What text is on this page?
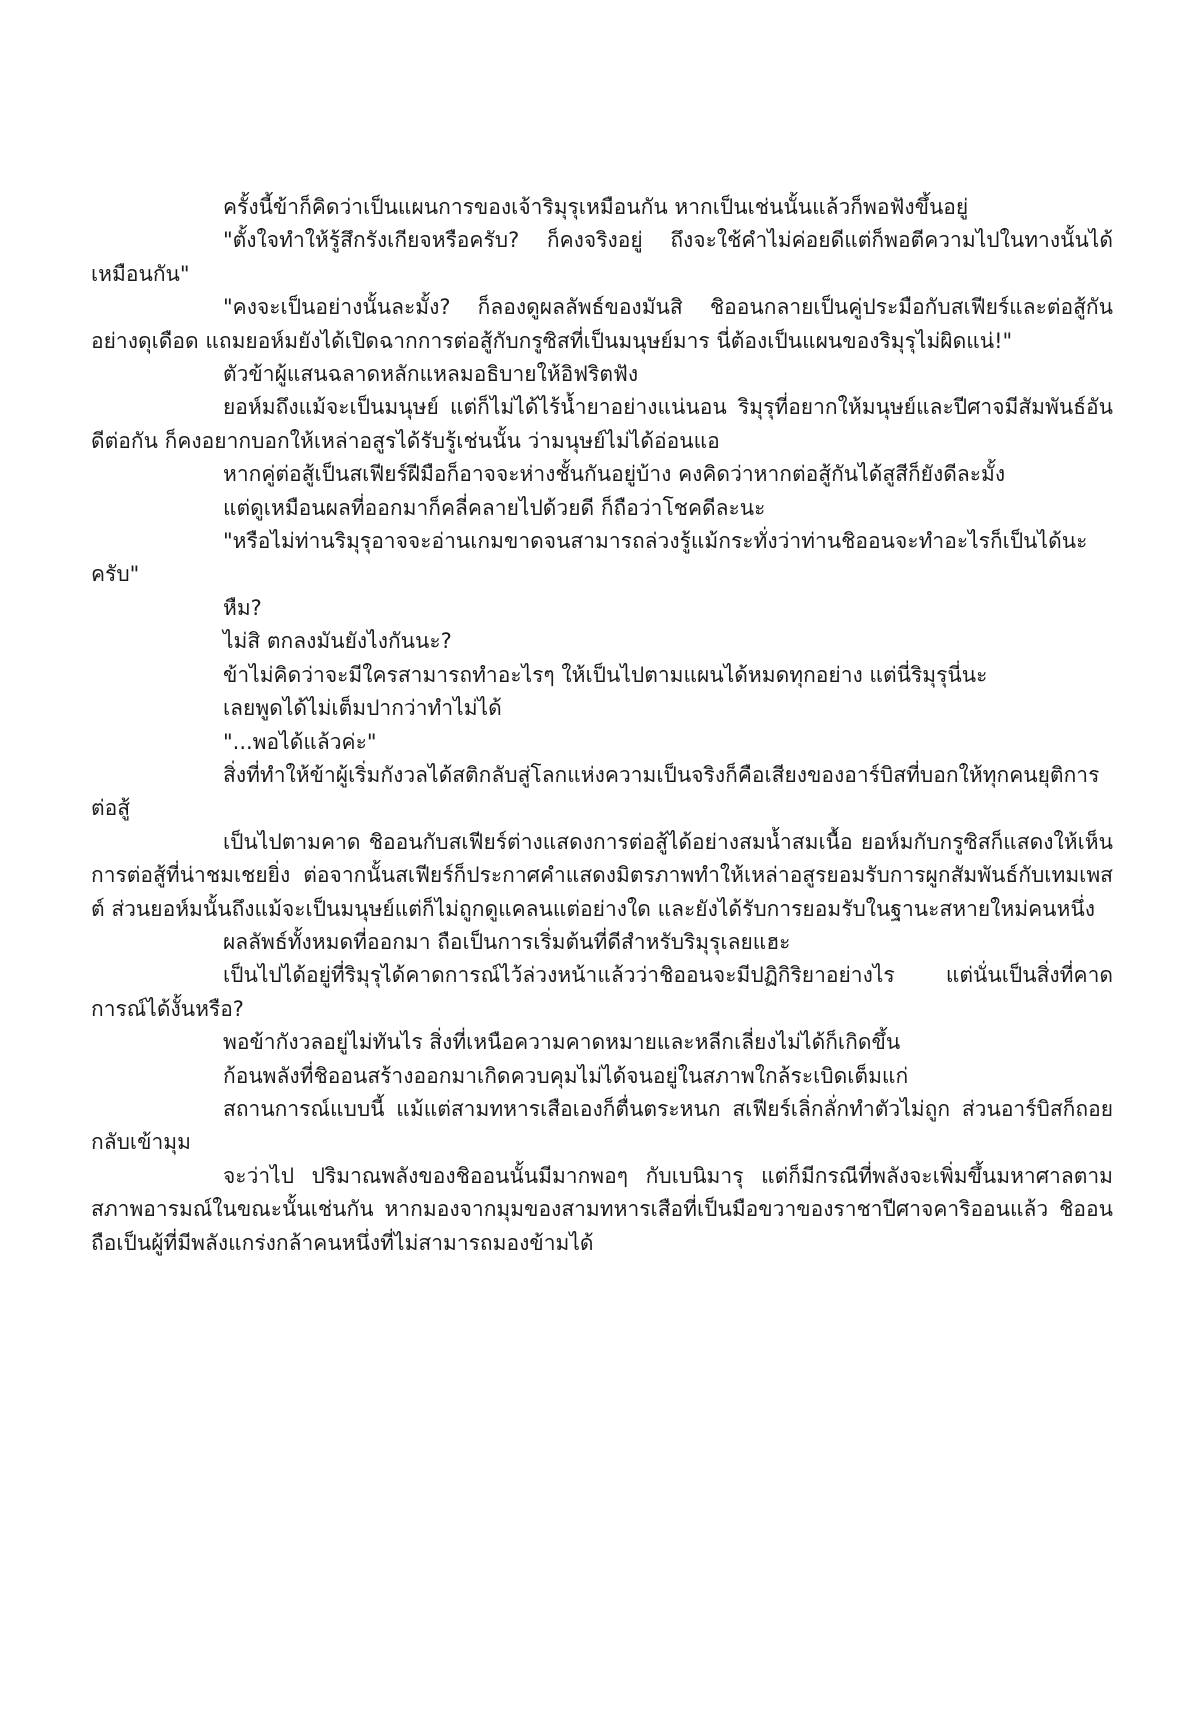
ครั้งนี้ข้าก็คิดว่าเป็นแผนการของเจ้าริมุรุเหมือนกัน หากเป็นเช่นนั้นแล้วก็พอฟังขึ้นอยู่

"ตั้งใจทำให้รู้สึกรังเกียจหรือครับ? ก็คงจริงอยู่ ถึงจะใช้คำไม่ค่อยดีแต่ก็พอตีความไปในทางนั้นได้เหมือนกัน"

"คงจะเป็นอย่างนั้นละมั้ง? ก็ลองดูผลลัพธ์ของมันสิ ชิออนกลายเป็นคู่ประมือกับสเฟียร์และต่อสู้กันอย่างดุเดือด แถมยอห์มยังได้เปิดฉากการต่อสู้กับกรูซิสที่เป็นมนุษย์มาร นี่ต้องเป็นแผนของริมุรุไม่ผิดแน่!"

ตัวข้าผู้แสนฉลาดหลักแหลมอธิบายให้อิฟริตฟัง

ยอห์มถึงแม้จะเป็นมนุษย์ แต่ก็ไม่ได้ไร้น้ำยาอย่างแน่นอน ริมุรุที่อยากให้มนุษย์และปีศาจมีสัมพันธ์อันดีต่อกัน ก็คงอยากบอกให้เหล่าอสูรได้รับรู้เช่นนั้น ว่ามนุษย์ไม่ได้อ่อนแอ

หากคู่ต่อสู้เป็นสเฟียร์ฝีมือก็อาจจะห่างชั้นกันอยู่บ้าง คงคิดว่าหากต่อสู้กันได้สูสีก็ยังดีละมั้ง

แต่ดูเหมือนผลที่ออกมาก็คลี่คลายไปด้วยดี ก็ถือว่าโชคดีละนะ

"หรือไม่ท่านริมุรุอาจจะอ่านเกมขาดจนสามารถล่วงรู้แม้กระทั่งว่าท่านชิออนจะทำอะไรก็เป็นได้นะครับ"

หืม?

ไม่สิ ตกลงมันยังไงกันนะ?

ข้าไม่คิดว่าจะมีใครสามารถทำอะไรๆ ให้เป็นไปตามแผนได้หมดทุกอย่าง แต่นี่ริมุรุนี่นะ

เลยพูดได้ไม่เต็มปากว่าทำไม่ได้

"...พอได้แล้วค่ะ"

สิ่งที่ทำให้ข้าผู้เริ่มกังวลได้สติกลับสู่โลกแห่งความเป็นจริงก็คือเสียงของอาร์บิสที่บอกให้ทุกคนยุติการต่อสู้

เป็นไปตามคาด ชิออนกับสเฟียร์ต่างแสดงการต่อสู้ได้อย่างสมน้ำสมเนื้อ ยอห์มกับกรูซิสก็แสดงให้เห็นการต่อสู้ที่น่าชมเชยยิ่ง ต่อจากนั้นสเฟียร์ก็ประกาศคำแสดงมิตรภาพทำให้เหล่าอสูรยอมรับการผูกสัมพันธ์กับเทมเพสต์ ส่วนยอห์มนั้นถึงแม้จะเป็นมนุษย์แต่ก็ไม่ถูกดูแคลนแต่อย่างใด และยังได้รับการยอมรับในฐานะสหายใหม่คนหนึ่ง

ผลลัพธ์ทั้งหมดที่ออกมา ถือเป็นการเริ่มต้นที่ดีสำหรับริมุรุเลยแฮะ

เป็นไปได้อยู่ที่ริมุรุได้คาดการณ์ไว้ล่วงหน้าแล้วว่าชิออนจะมีปฏิกิริยาอย่างไร แต่นั่นเป็นสิ่งที่คาดการณ์ได้งั้นหรือ?

พอข้ากังวลอยู่ไม่ทันไร สิ่งที่เหนือความคาดหมายและหลีกเลี่ยงไม่ได้ก็เกิดขึ้น

ก้อนพลังที่ชิออนสร้างออกมาเกิดควบคุมไม่ได้จนอยู่ในสภาพใกล้ระเบิดเต็มแก่

สถานการณ์แบบนี้ แม้แต่สามทหารเสือเองก็ตื่นตระหนก สเฟียร์เลิ่กลั่กทำตัวไม่ถูก ส่วนอาร์บิสก็ถอยกลับเข้ามุม

จะว่าไป ปริมาณพลังของชิออนนั้นมีมากพอๆ กับเบนิมารุ แต่ก็มีกรณีที่พลังจะเพิ่มขึ้นมหาศาลตามสภาพอารมณ์ในขณะนั้นเช่นกัน หากมองจากมุมของสามทหารเสือที่เป็นมือขวาของราชาปีศาจคาริออนแล้ว ชิออนถือเป็นผู้ที่มีพลังแกร่งกล้าคนหนึ่งที่ไม่สามารถมองข้ามได้
